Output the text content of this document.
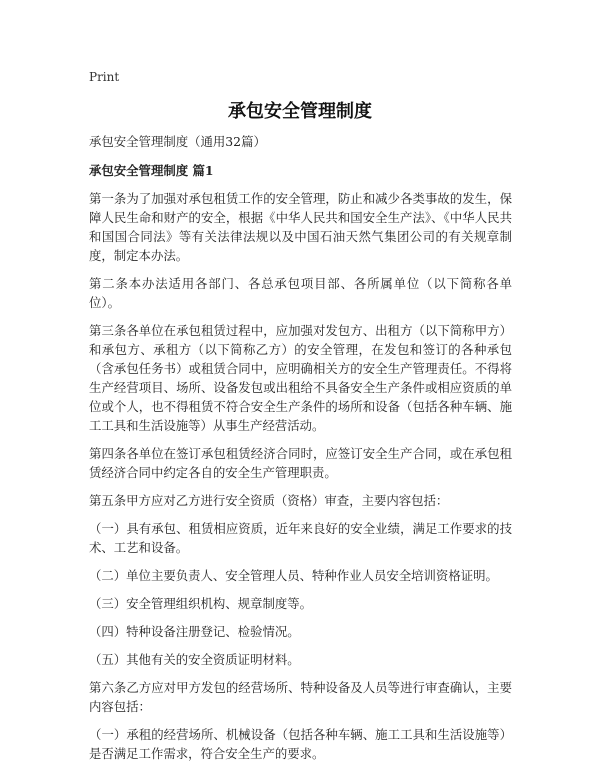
Print
承包安全管理制度

承包安全管理制度（通用32篇）

承包安全管理制度 篇1

第一条为了加强对承包租赁工作的安全管理，防止和减少各类事故的发生，保障人民生命和财产的安全，根据《中华人民共和国安全生产法》、《中华人民共和国国合同法》等有关法律法规以及中国石油天然气集团公司的有关规章制度，制定本办法。

第二条本办法适用各部门、各总承包项目部、各所属单位（以下简称各单位）。

第三条各单位在承包租赁过程中，应加强对发包方、出租方（以下简称甲方）和承包方、承租方（以下简称乙方）的安全管理，在发包和签订的各种承包（含承包任务书）或租赁合同中，应明确相关方的安全生产管理责任。不得将生产经营项目、场所、设备发包或出租给不具备安全生产条件或相应资质的单位或个人，也不得租赁不符合安全生产条件的场所和设备（包括各种车辆、施工工具和生活设施等）从事生产经营活动。

第四条各单位在签订承包租赁经济合同时，应签订安全生产合同，或在承包租赁经济合同中约定各自的安全生产管理职责。

第五条甲方应对乙方进行安全资质（资格）审查，主要内容包括：

（一）具有承包、租赁相应资质，近年来良好的安全业绩，满足工作要求的技术、工艺和设备。

（二）单位主要负责人、安全管理人员、特种作业人员安全培训资格证明。

（三）安全管理组织机构、规章制度等。

（四）特种设备注册登记、检验情况。

（五）其他有关的安全资质证明材料。

第六条乙方应对甲方发包的经营场所、特种设备及人员等进行审查确认，主要内容包括：

（一）承租的经营场所、机械设备（包括各种车辆、施工工具和生活设施等）是否满足工作需求，符合安全生产的要求。
